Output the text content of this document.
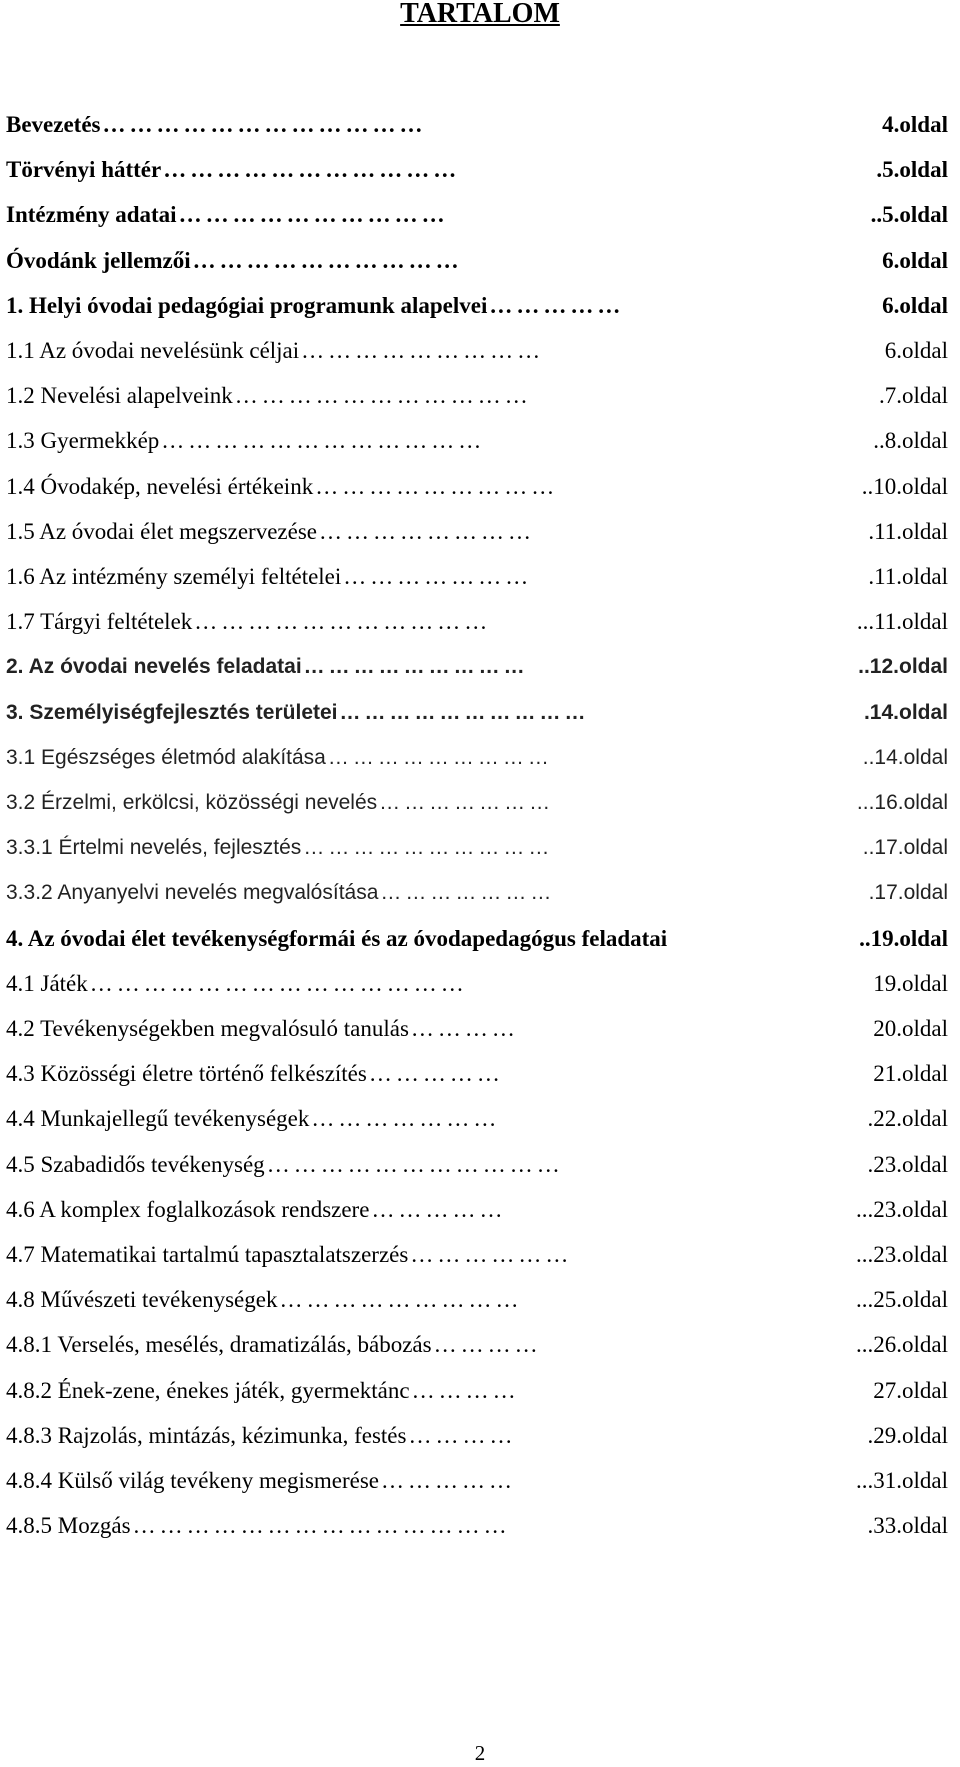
TARTALOM
Bevezetés ………………………………	4.oldal
Törvényi háttér ……………………………	.5.oldal
Intézmény adatai …………………………	..5.oldal
Óvodánk jellemzői …………………………	6.oldal
1. Helyi óvodai pedagógiai programunk alapelvei ……………	6.oldal
1.1 Az óvodai nevelésünk céljai ………………………	6.oldal
1.2 Nevelési alapelveink ……………………………	.7.oldal
1.3 Gyermekkép ………………………………	..8.oldal
1.4 Óvodakép, nevelési értékeink ………………………	..10.oldal
1.5 Az óvodai élet megszervezése ……………………	.11.oldal
1.6 Az intézmény személyi feltételei …………………	.11.oldal
1.7 Tárgyi feltételek ……………………………	...11.oldal
2. Az óvodai nevelés feladatai ………………………	..12.oldal
3. Személyiségfejlesztés területei …………………………	.14.oldal
3.1 Egészséges életmód alakítása ………………………	..14.oldal
3.2 Érzelmi, erkölcsi, közösségi nevelés …………………	...16.oldal
3.3.1 Értelmi nevelés, fejlesztés …………………………	..17.oldal
3.3.2 Anyanyelvi nevelés megvalósítása …………………	.17.oldal
4. Az óvodai élet tevékenységformái és az óvodapedagógus feladatai	..19.oldal
4.1 Játék ……………………………………	19.oldal
4.2 Tevékenységekben megvalósuló tanulás …………	20.oldal
4.3 Közösségi életre történő felkészítés ……………	21.oldal
4.4 Munkajellegű tevékenységek …………………	.22.oldal
4.5 Szabadidős tevékenység ……………………………	.23.oldal
4.6 A komplex foglalkozások rendszere ……………	...23.oldal
4.7 Matematikai tartalmú tapasztalatszerzés ………………	...23.oldal
4.8 Művészeti tevékenységek ………………………	...25.oldal
4.8.1 Verselés, mesélés, dramatizálás, bábozás …………	...26.oldal
4.8.2 Ének-zene, énekes játék, gyermektánc …………	27.oldal
4.8.3 Rajzolás, mintázás, kézimunka, festés …………	.29.oldal
4.8.4 Külső világ tevékeny megismerése ……………	...31.oldal
4.8.5 Mozgás ……………………………………	.33.oldal
2
